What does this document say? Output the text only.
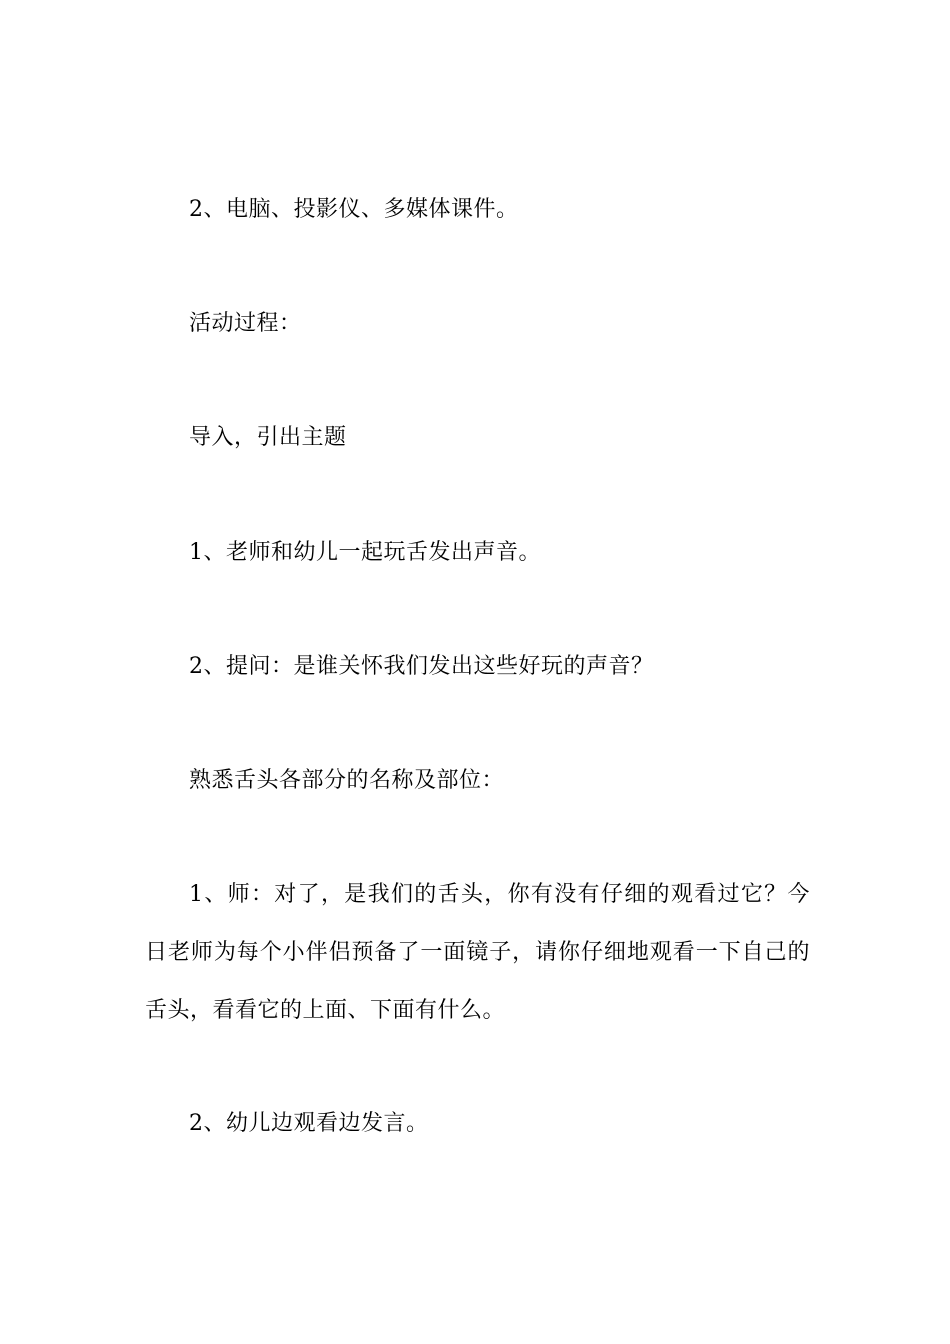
2、电脑、投影仪、多媒体课件。

活动过程：

导入，引出主题

1、老师和幼儿一起玩舌发出声音。

2、提问：是谁关怀我们发出这些好玩的声音？

熟悉舌头各部分的名称及部位：

1、师：对了，是我们的舌头，你有没有仔细的观看过它？今日老师为每个小伴侣预备了一面镜子，请你仔细地观看一下自己的舌头，看看它的上面、下面有什么。

2、幼儿边观看边发言。
